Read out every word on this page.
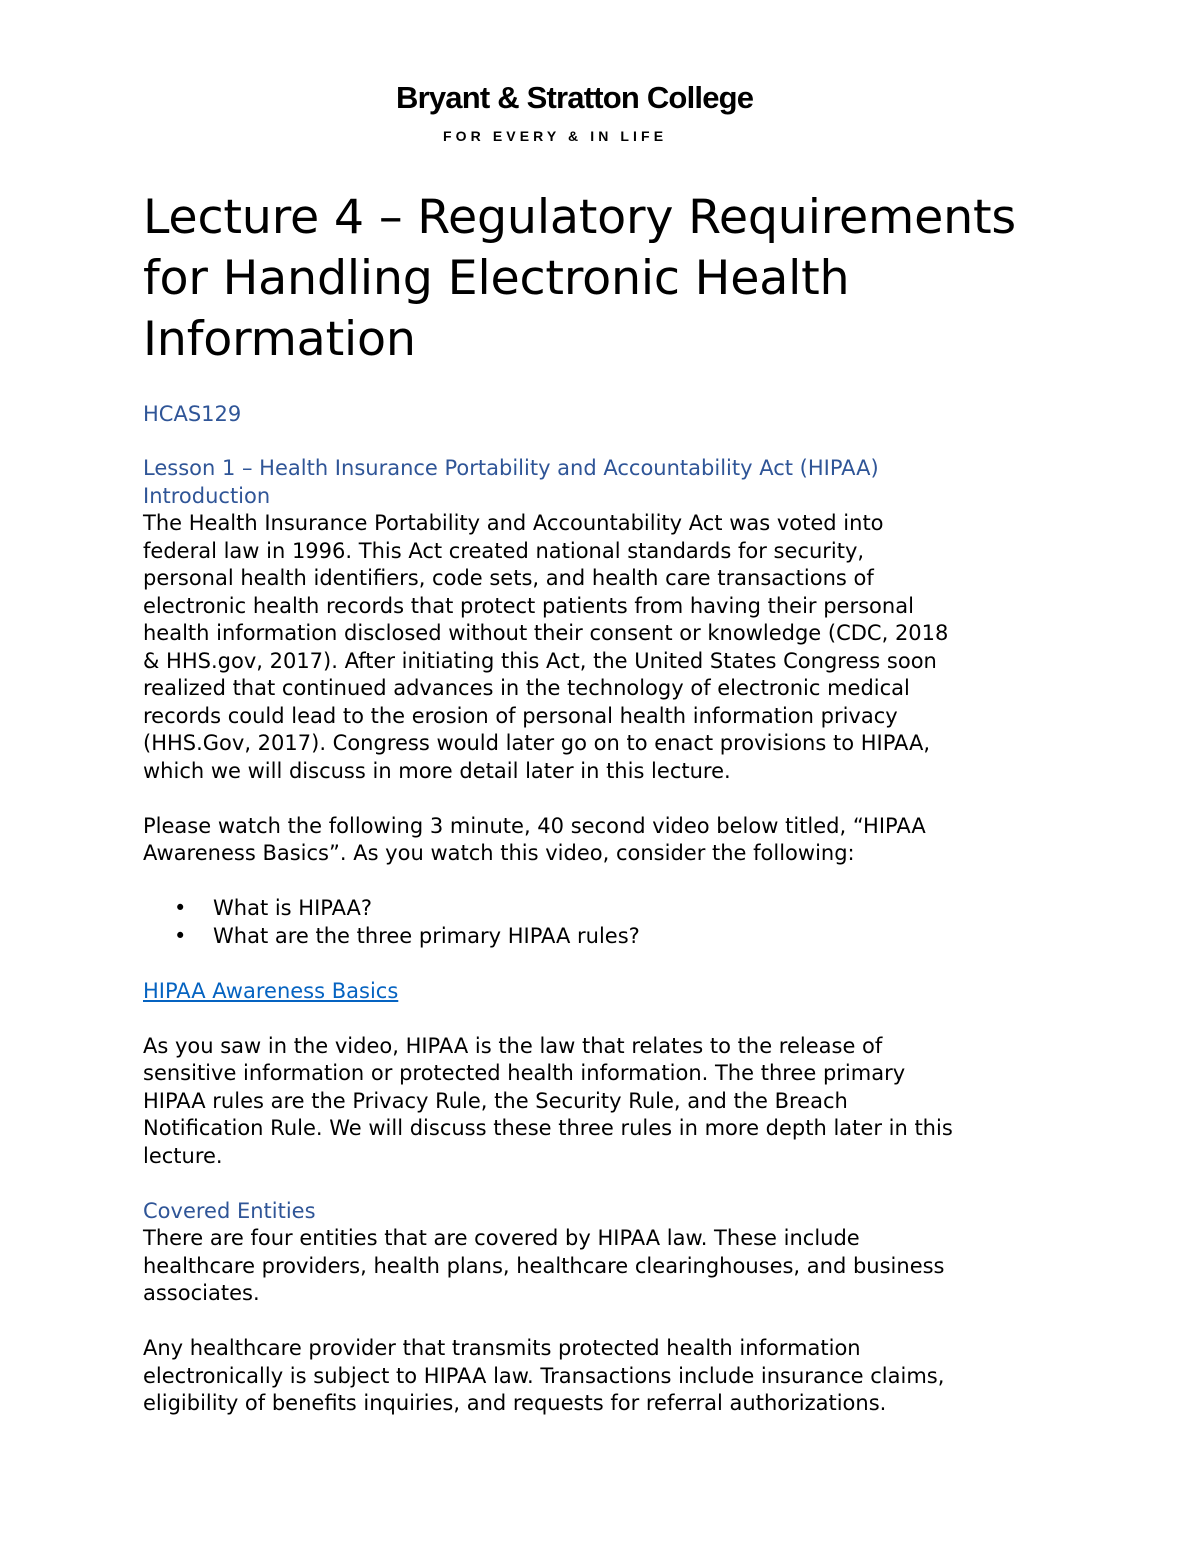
Bryant & Stratton College
FOR EVERY & IN LIFE
Lecture 4 – Regulatory Requirements
for Handling Electronic Health
Information
HCAS129
Lesson 1 – Health Insurance Portability and Accountability Act (HIPAA)
Introduction

The Health Insurance Portability and Accountability Act was voted into
federal law in 1996. This Act created national standards for security,
personal health identifiers, code sets, and health care transactions of
electronic health records that protect patients from having their personal
health information disclosed without their consent or knowledge (CDC, 2018
& HHS.gov, 2017). After initiating this Act, the United States Congress soon
realized that continued advances in the technology of electronic medical
records could lead to the erosion of personal health information privacy
(HHS.Gov, 2017). Congress would later go on to enact provisions to HIPAA,
which we will discuss in more detail later in this lecture.

Please watch the following 3 minute, 40 second video below titled, “HIPAA
Awareness Basics”. As you watch this video, consider the following:

• What is HIPAA?
• What are the three primary HIPAA rules?
HIPAA Awareness Basics

As you saw in the video, HIPAA is the law that relates to the release of
sensitive information or protected health information. The three primary
HIPAA rules are the Privacy Rule, the Security Rule, and the Breach
Notification Rule. We will discuss these three rules in more depth later in this
lecture.

Covered Entities

There are four entities that are covered by HIPAA law. These include
healthcare providers, health plans, healthcare clearinghouses, and business
associates.

Any healthcare provider that transmits protected health information
electronically is subject to HIPAA law. Transactions include insurance claims,
eligibility of benefits inquiries, and requests for referral authorizations.
